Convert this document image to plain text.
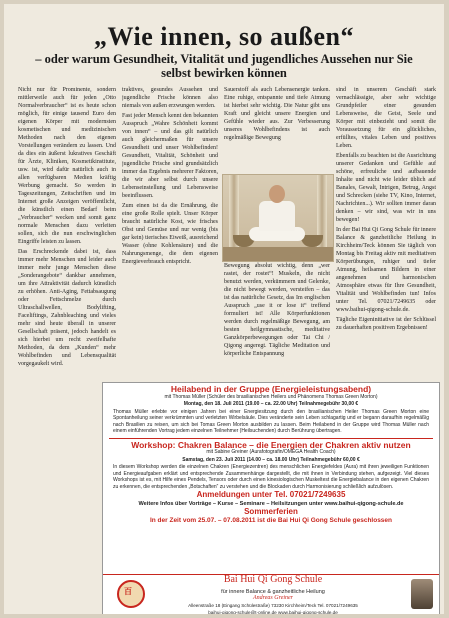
„Wie innen, so außen“
– oder warum Gesundheit, Vitalität und jugendliches Aussehen nur Sie selbst bewirken können

Nicht nur für Prominente, sondern mittlerweile auch für jeden „Otto Normalverbraucher“ ist es heute schon möglich, für einige tausend Euro den eigenen Körper mit modernsten kosmetischen und medizinischen Methoden nach den eigenen Vorstellungen verändern zu lassen. Und da dies ein äußerst lukratives Geschäft für Ärzte, Kliniken, Kosmetikinstitute, usw. ist, wird dafür natürlich auch in allen verfügbaren Medien kräftig Werbung gemacht. So werden in Tageszeitungen, Zeitschriften und im Internet große Anzeigen veröffentlicht, die künstlich einen Bedarf beim „Verbraucher“ wecken und somit ganz normale Menschen dazu verleiten sollen, sich die nun erschwinglichen Eingriffe leisten zu lassen.

Das Erschreckende dabei ist, dass immer mehr Menschen und leider auch immer mehr junge Menschen diese „Sonderangebote“ dankbar annehmen, um ihre Attraktivität dadurch künstlich zu erhöhen. Anti-Aging, Fettabsaugung oder Fettschmelze durch Ultraschallwellen, Bodylifting, Faceliftings, Zahnbleaching und vieles mehr sind heute überall in unserer Gesellschaft präsent, jedoch handelt es sich hierbei um recht zweifelhafte Methoden, da dem „Kunden“ mehr Wohlbefinden und Lebensqualität vorgegaukelt wird.

traktives, gesundes Aussehen und jugendliche Frische können also niemals von außen erzwungen werden.

Fast jeder Mensch kennt den bekannten Ausspruch „Wahre Schönheit kommt von innen“ – und das gilt natürlich auch gleichermaßen für unsere Gesundheit und unser Wohlbefinden! Gesundheit, Vitalität, Schönheit und jugendliche Frische sind grundsätzlich immer das Ergebnis mehrerer Faktoren, die wir aber selbst durch unsere Lebenseinstellung und Lebensweise beeinflussen.

Zum einen ist da die Ernährung, die eine große Rolle spielt. Unser Körper braucht natürliche Kost, wie frisches Obst und Gemüse und nur wenig (bis gar kein) tierisches Eiweiß, ausreichend Wasser (ohne Kohlensäure) und die Nahrungsmenge, die dem eigenen Energieverbrauch entspricht.

Sauerstoff als auch Lebensenergie tanken. Eine ruhige, entspannte und tiefe Atmung ist hierbei sehr wichtig. Die Natur gibt uns Kraft und gleicht unsere Energien und Gefühle wieder aus. Zur Verbesserung unseres Wohlbefindens ist auch regelmäßige Bewegung

Bewegung absolut wichtig, denn „wer rastet, der rostet“! Muskeln, die nicht benutzt werden, verkümmern und Gelenke, die nicht bewegt werden, versteifen – das ist das natürliche Gesetz, das Im englischen Ausspruch „use it or lose it“ treffend formuliert ist! Alle Körperfunktionen werden durch regelmäßige Bewegung, am besten heilgymnastische, meditative Ganzkörperbewegungen oder Tai Chi / Qigong angeregt. Tägliche Meditation und körperliche Entspannung

sind in unserem Geschäft stark vernachlässigte, aber sehr wichtige Grundpfeiler einer gesunden Lebensweise, die Geist, Seele und Körper mit einbezieht und somit die Voraussetzung für ein glückliches, erfülltes, vitales Leben und positives Leben.

Ebenfalls zu beachten ist die Ausrichtung unserer Gedanken und Gefühle auf schöne, erfreuliche und aufbauende Inhalte und nicht wie leider üblich auf Banales, Gewalt, Intrigen, Betrug, Angst und Schrecken (siehe TV, Kino, Internet, Nachrichten...). Wir sollten immer daran denken – wir sind, was wir in uns bewegen!

In der Bai Hui Qi Gong Schule für innere Balance & ganzheitliche Heilung in Kirchheim/Teck können Sie täglich von Montag bis Freitag aktiv mit meditativen Körperübungen, ruhiger und tiefer Atmung, heilsamen Bildern in einer angenehmen und harmonischen Atmosphäre etwas für Ihre Gesundheit, Vitalität und Wohlbefinden tun! Infos unter Tel. 07021/7249635 oder www.baihui-qigong-schule.de.

Tägliche Eigeninitiative ist der Schlüssel zu dauerhaften positiven Ergebnissen!

Heilabend in der Gruppe (Energieleistungsabend)
mit Thomas Müller (Schüler des brasilianischen Heilers und Phänomens Thomas Green Morton)
Montag, den 18. Juli 2011 (19.00 – ca. 22.00 Uhr) Teilnahmegebühr 30,00 €
Thomas Müller erlebte vor einigen Jahren bei einer Energiesitzung durch den brasilianischen Heiler Thomas Green Morton eine Spontanheilung seiner verkrümmten und verletzten Wirbelsäule. Dies veränderte sein Leben schlagartig und er begann daraufhin regelmäßig nach Brasilien zu reisen, um sich bei Tomas Green Morton ausbilden zu lassen. Beim Heilabend in der Gruppe wird Thomas Müller nach einem einführenden Vortrag jedem einzelnen Teilnehmer (Heilsuchenden) durch Berührung übertragen.
Workshop: Chakren Balance – die Energien der Chakren aktiv nutzen
mit Sabine Greiner (Aurafotografin/OMEGA Health Coach)
Samstag, den 23. Juli 2011 (14.00 – ca. 18.00 Uhr) Teilnahmegebühr 60,00 €
In diesem Workshop werden die einzelnen Chakren (Energiezentren) des menschlichen Energiefeldes (Aura) mit ihren jeweiligen Funktionen und Energieaufgaben erklärt und entsprechende Zusammenhänge dargestellt, die mit ihnen in Verbindung stehen, aufgezeigt. Viel dieses Workshops ist es, mit Hilfe eines Pendels, Tensors oder durch einen kinesiologischen Muskeltest die Energiebalance in den eigenen Chakren zu erkennen, die entsprechenden „Botschaften“ zu verstehen und die Blockaden durch Harmonisierung schließlich aufzulösen.
Anmeldungen unter Tel. 07021/7249635
Weitere Infos über Vorträge – Kurse – Seminare – Heilsitzungen unter www.baihui-qigong-schule.de
Sommerferien
In der Zeit vom 25.07. – 07.08.2011 ist die Bai Hui Qi Gong Schule geschlossen
百
Bai Hui Qi Gong Schule
für innere Balance & ganzheitliche Heilung
Andreas Greiner
Alleenstraße 18 (Eingang Schülestraße) 73230 Kirchheim/Teck Tel. 07021/7249635
baihui-qigong-schule@t-online.de www.baihui-qigong-schule.de
